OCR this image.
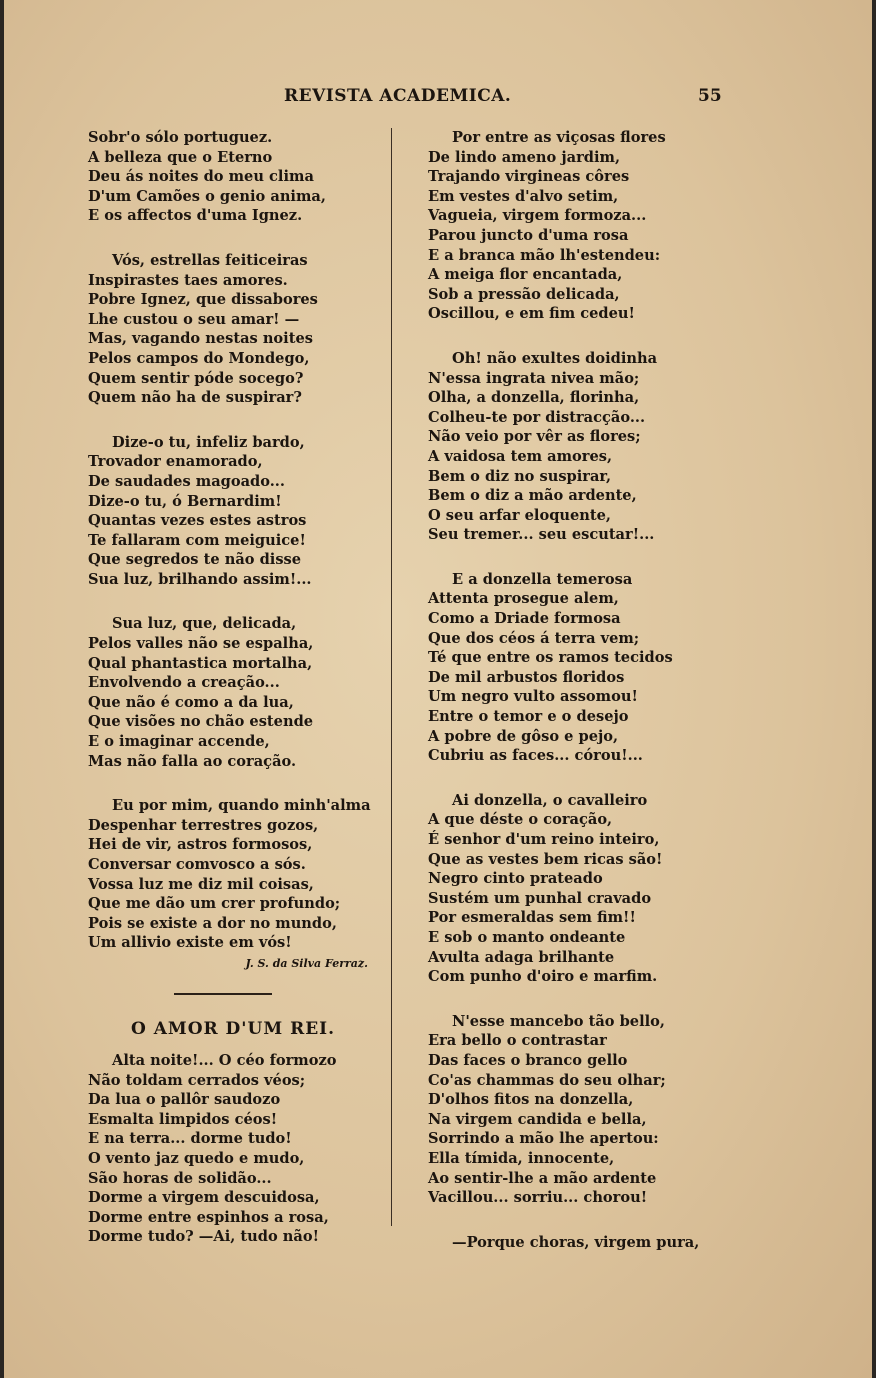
REVISTA ACADEMICA.	55
Sobr'o sólo portuguez.
A belleza que o Eterno
Deu ás noites do meu clima
D'um Camões o genio anima,
E os affectos d'uma Ignez.
Vós, estrellas feiticeiras
Inspirastes taes amores.
Pobre Ignez, que dissabores
Lhe custou o seu amar! —
Mas, vagando nestas noites
Pelos campos do Mondego,
Quem sentir póde socego?
Quem não ha de suspirar?
Dize-o tu, infeliz bardo,
Trovador enamorado,
De saudades magoado...
Dize-o tu, ó Bernardim!
Quantas vezes estes astros
Te fallaram com meiguice!
Que segredos te não disse
Sua luz, brilhando assim!...
Sua luz, que, delicada,
Pelos valles não se espalha,
Qual phantastica mortalha,
Envolvendo a creação...
Que não é como a da lua,
Que visões no chão estende
E o imaginar accende,
Mas não falla ao coração.
Eu por mim, quando minh'alma
Despenhar terrestres gozos,
Hei de vir, astros formosos,
Conversar comvosco a sós.
Vossa luz me diz mil coisas,
Que me dão um crer profundo;
Pois se existe a dor no mundo,
Um allivio existe em vós!
J. S. da Silva Ferraz.
O AMOR D'UM REI.
Alta noite!... O céo formozo
Não toldam cerrados véos;
Da lua o pallôr saudozo
Esmalta limpidos céos!
E na terra... dorme tudo!
O vento jaz quedo e mudo,
São horas de solidão...
Dorme a virgem descuidosa,
Dorme entre espinhos a rosa,
Dorme tudo? —Ai, tudo não!
Por entre as viçosas flores
De lindo ameno jardim,
Trajando virgineas côres
Em vestes d'alvo setim,
Vagueia, virgem formoza...
Parou juncto d'uma rosa
E a branca mão lh'estendeu:
A meiga flor encantada,
Sob a pressão delicada,
Oscillou, e em fim cedeu!
Oh! não exultes doidinha
N'essa ingrata nivea mão;
Olha, a donzella, florinha,
Colheu-te por distracção...
Não veio por vêr as flores;
A vaidosa tem amores,
Bem o diz no suspirar,
Bem o diz a mão ardente,
O seu arfar eloquente,
Seu tremer... seu escutar!...
E a donzella temerosa
Attenta prosegue alem,
Como a Driade formosa
Que dos céos á terra vem;
Té que entre os ramos tecidos
De mil arbustos floridos
Um negro vulto assomou!
Entre o temor e o desejo
A pobre de gôso e pejo,
Cubriu as faces... córou!...
Ai donzella, o cavalleiro
A que déste o coração,
É senhor d'um reino inteiro,
Que as vestes bem ricas são!
Negro cinto prateado
Sustém um punhal cravado
Por esmeraldas sem fim!!
E sob o manto ondeante
Avulta adaga brilhante
Com punho d'oiro e marfim.
N'esse mancebo tão bello,
Era bello o contrastar
Das faces o branco gello
Co'as chammas do seu olhar;
D'olhos fitos na donzella,
Na virgem candida e bella,
Sorrindo a mão lhe apertou:
Ella tímida, innocente,
Ao sentir-lhe a mão ardente
Vacillou... sorriu... chorou!
—Porque choras, virgem pura,
